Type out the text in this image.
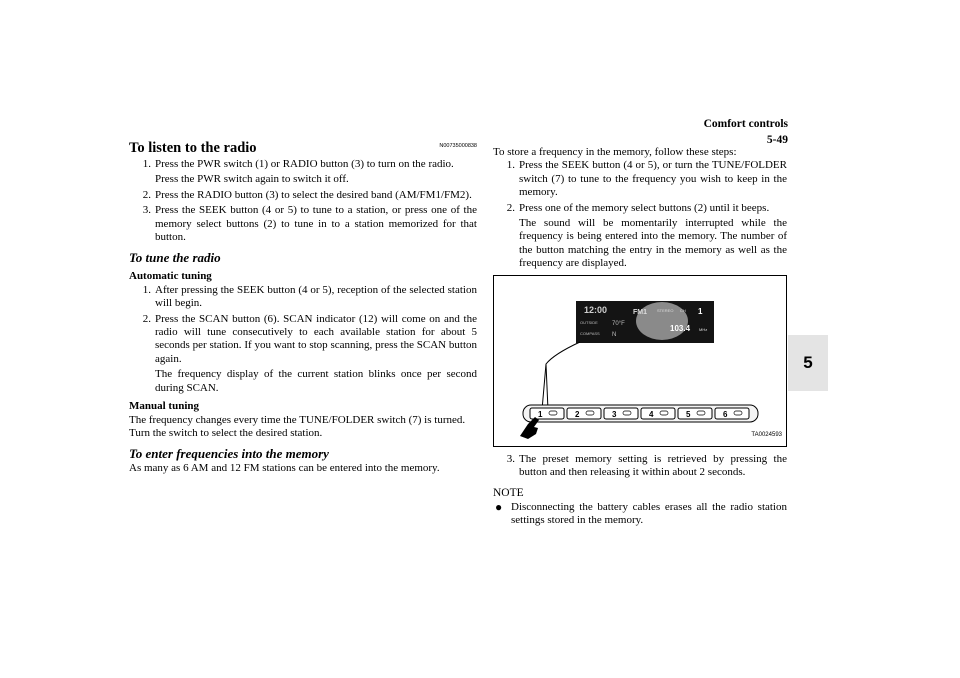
Comfort controls
5-49
5
To listen to the radio	N00735000838
1. Press the PWR switch (1) or RADIO button (3) to turn on the radio.
Press the PWR switch again to switch it off.
2. Press the RADIO button (3) to select the desired band (AM/FM1/FM2).
3. Press the SEEK button (4 or 5) to tune to a station, or press one of the memory select buttons (2) to tune in to a station memorized for that button.
To tune the radio
Automatic tuning
1. After pressing the SEEK button (4 or 5), reception of the selected station will begin.
2. Press the SCAN button (6). SCAN indicator (12) will come on and the radio will tune consecutively to each available station for about 5 seconds per station. If you want to stop scanning, press the SCAN button again.
The frequency display of the current station blinks once per second during SCAN.
Manual tuning

The frequency changes every time the TUNE/FOLDER switch (7) is turned.

Turn the switch to select the desired station.

To enter frequencies into the memory

As many as 6 AM and 12 FM stations can be entered into the memory.

To store a frequency in the memory, follow these steps:

1. Press the SEEK button (4 or 5), or turn the TUNE/FOLDER switch (7) to tune to the frequency you wish to keep in the memory.
2. Press one of the memory select buttons (2) until it beeps.
The sound will be momentarily interrupted while the frequency is being entered into the memory. The number of the button matching the entry in the memory as well as the frequency are displayed.
12:00
OUTSIDE 70°F
COMPASS N
FM1	STEREO CH 1
103.4 MHz
1	2	3	4	5	6
TA0024593
3. The preset memory setting is retrieved by pressing the button and then releasing it within about 2 seconds.
NOTE
● Disconnecting the battery cables erases all the radio station settings stored in the memory.
